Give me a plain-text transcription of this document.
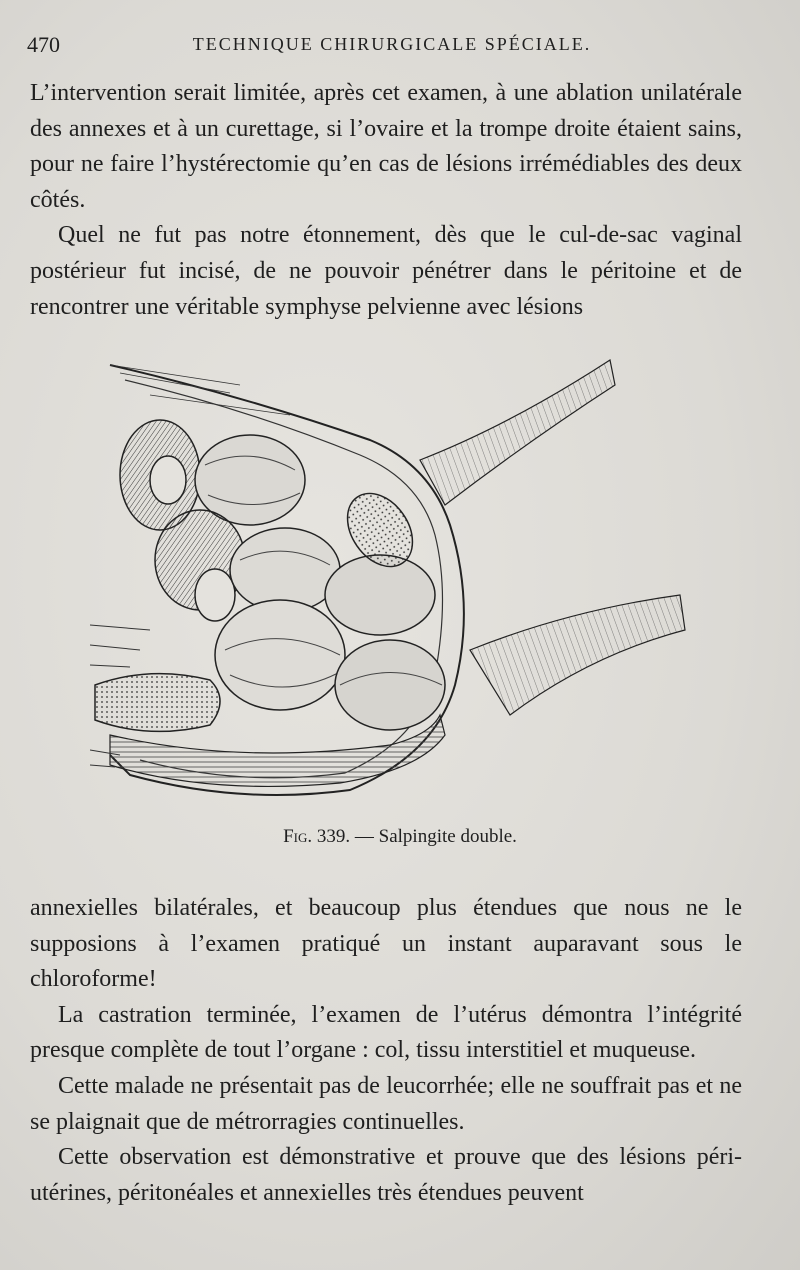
470	TECHNIQUE CHIRURGICALE SPÉCIALE.

L’intervention serait limitée, après cet examen, à une ablation unilatérale des annexes et à un curettage, si l’ovaire et la trompe droite étaient sains, pour ne faire l’hystérectomie qu’en cas de lésions irrémédiables des deux côtés.

Quel ne fut pas notre étonnement, dès que le cul-de-sac vaginal postérieur fut incisé, de ne pouvoir pénétrer dans le péritoine et de rencontrer une véritable symphyse pelvienne avec lésions

Fig. 339. — Salpingite double.

annexielles bilatérales, et beaucoup plus étendues que nous ne le supposions à l’examen pratiqué un instant auparavant sous le chloroforme!

La castration terminée, l’examen de l’utérus démontra l’intégrité presque complète de tout l’organe : col, tissu interstitiel et muqueuse.

Cette malade ne présentait pas de leucorrhée; elle ne souffrait pas et ne se plaignait que de métrorragies continuelles.

Cette observation est démonstrative et prouve que des lésions péri-utérines, péritonéales et annexielles très étendues peuvent
